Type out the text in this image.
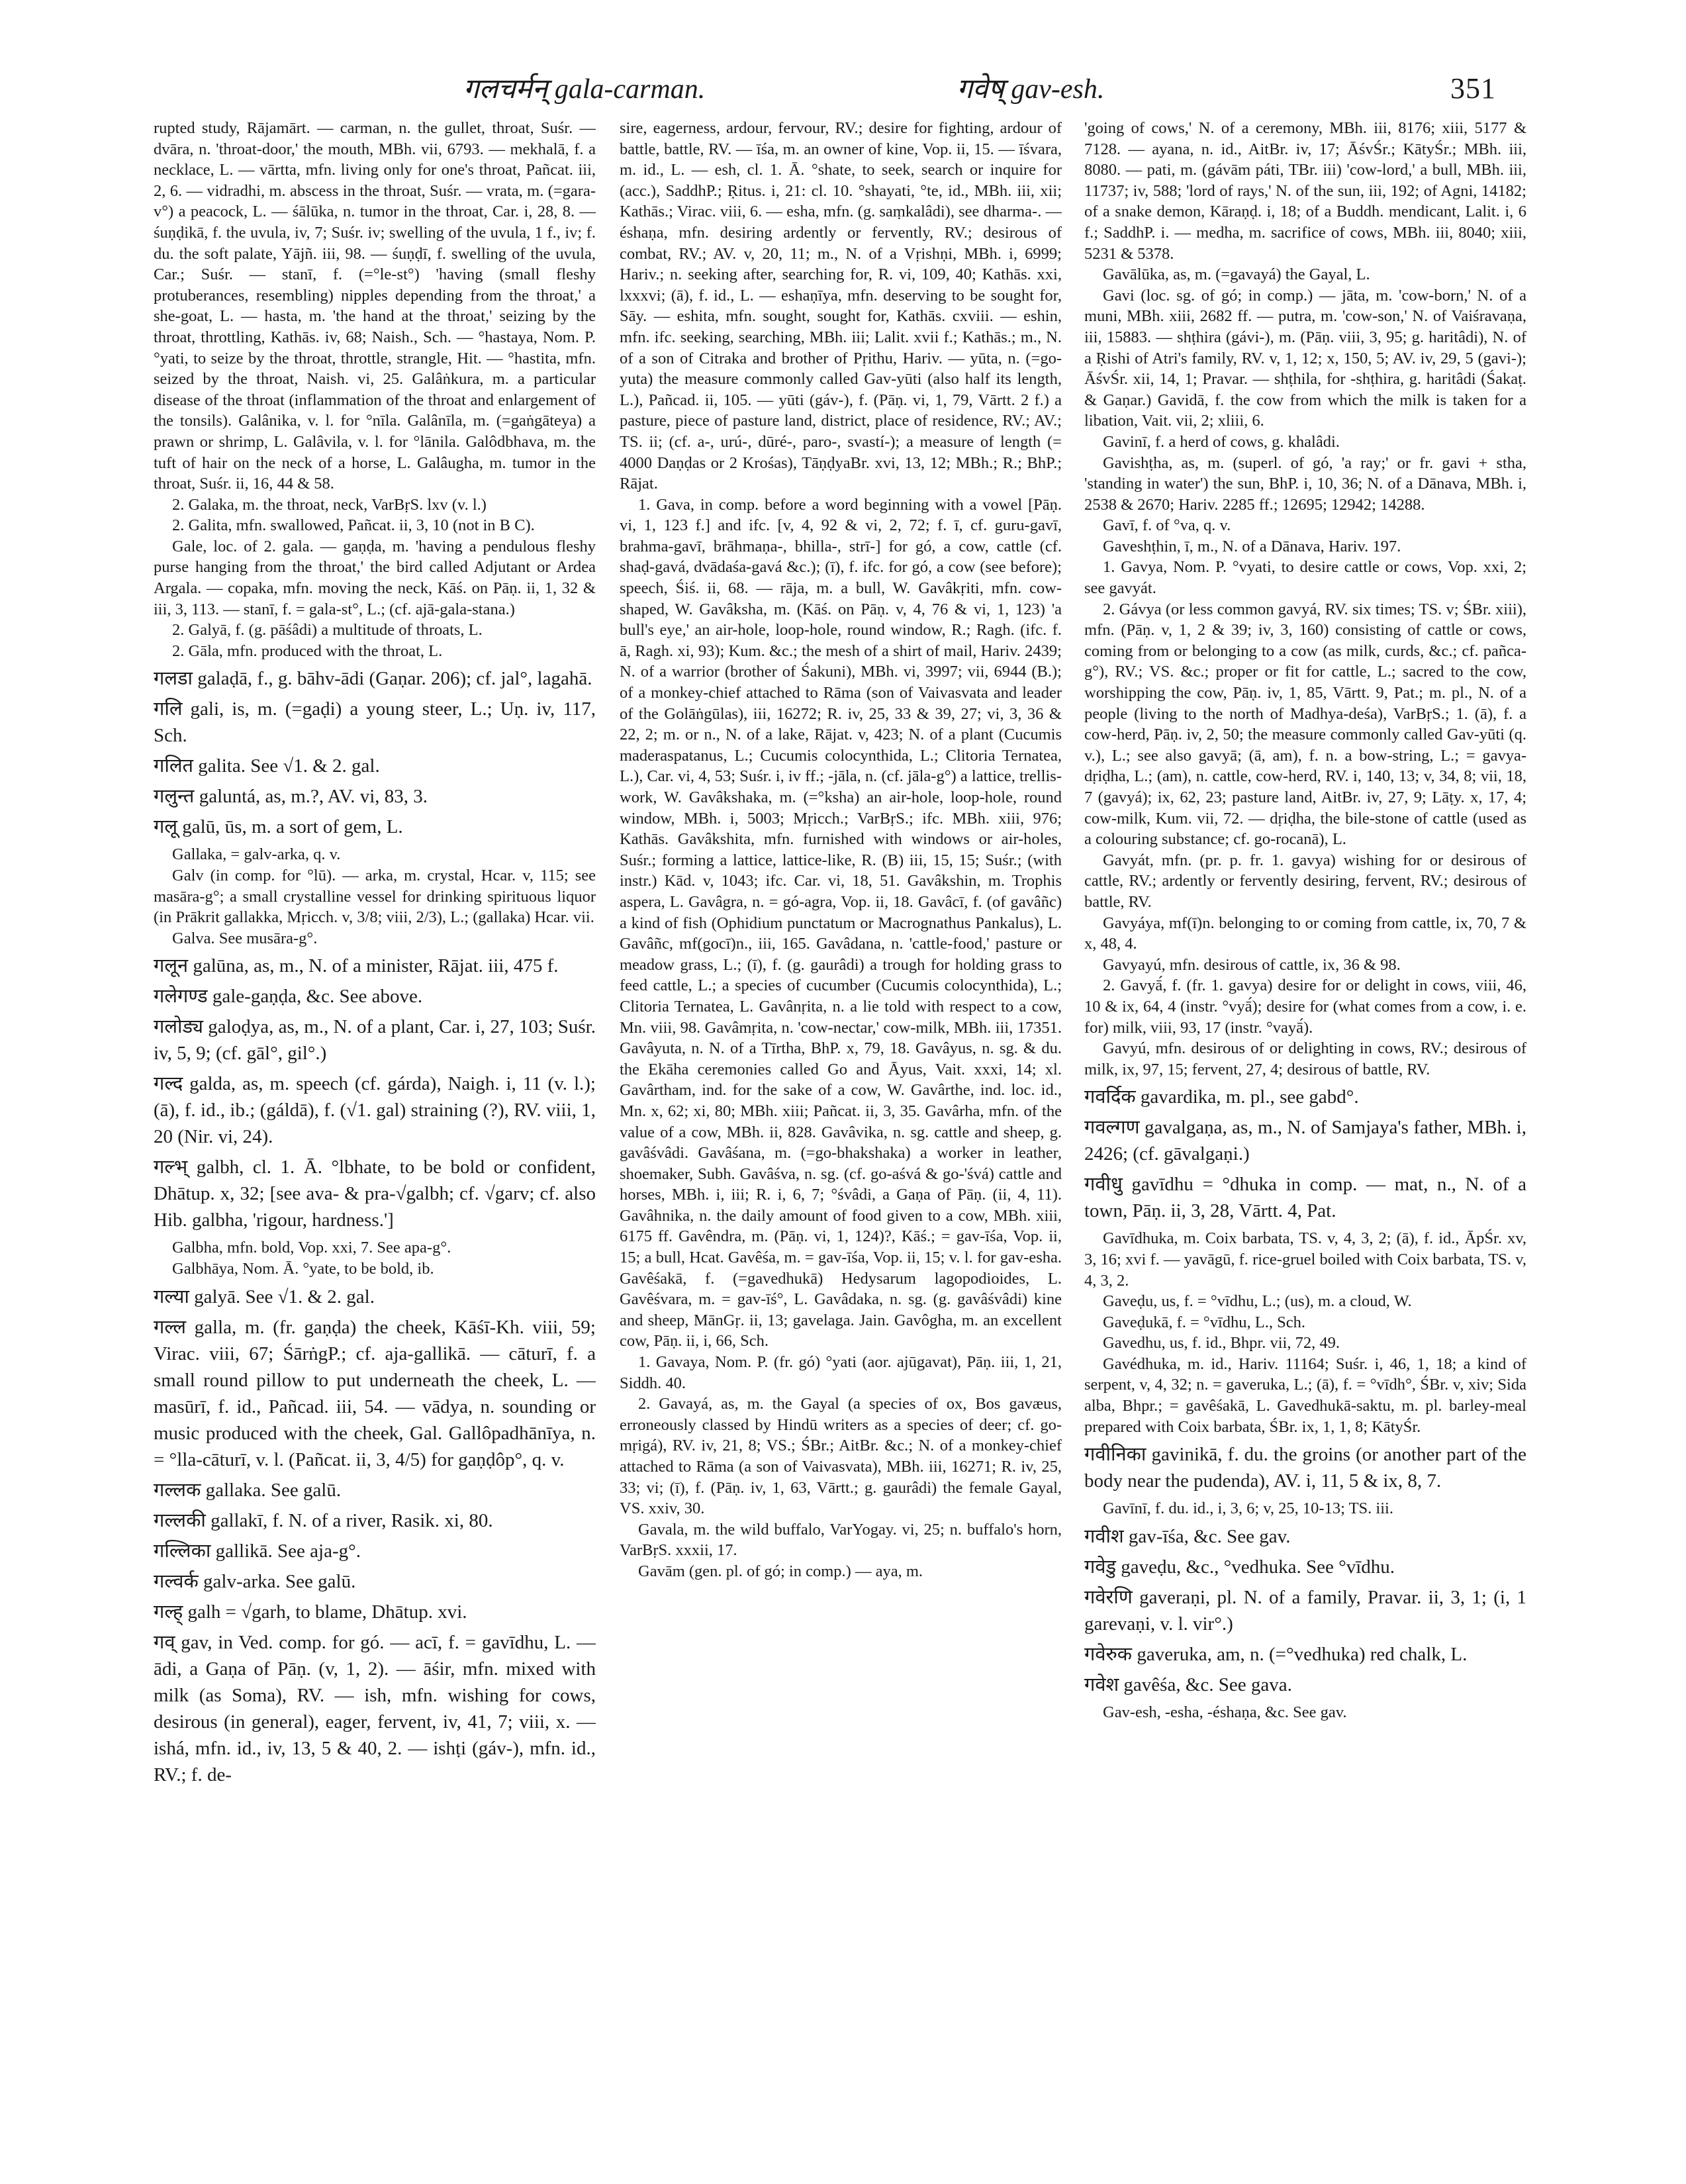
गलचर्मन् gala-carman.	गवेष् gav-esh.	351

rupted study, Rājamārt. — carman, n. the gullet, throat, Suśr. — dvāra, n. 'throat-door,' the mouth, MBh. vii, 6793. — mekhalā, f. a necklace, L. — vārtta, mfn. living only for one's throat, Pañcat. iii, 2, 6. — vidradhi, m. abscess in the throat, Suśr. — vrata, m. (=gara-v°) a peacock, L. — śālūka, n. tumor in the throat, Car. i, 28, 8. — śuṇḍikā, f. the uvula, iv, 7; Suśr. iv; swelling of the uvula, 1 f., iv; f. du. the soft palate, Yājñ. iii, 98. — śuṇḍī, f. swelling of the uvula, Car.; Suśr. — stanī, f. (=°le-st°) 'having (small fleshy protuberances, resembling) nipples depending from the throat,' a she-goat, L. — hasta, m. 'the hand at the throat,' seizing by the throat, throttling, Kathās. iv, 68; Naish., Sch. — °hastaya, Nom. P. °yati, to seize by the throat, throttle, strangle, Hit. — °hastita, mfn. seized by the throat, Naish. vi, 25. Galâṅkura, m. a particular disease of the throat (inflammation of the throat and enlargement of the tonsils). Galânika, v. l. for °nīla. Galânīla, m. (=gaṅgāteya) a prawn or shrimp, L. Galâvila, v. l. for °lānila. Galôdbhava, m. the tuft of hair on the neck of a horse, L. Galâugha, m. tumor in the throat, Suśr. ii, 16, 44 & 58.

2. Galaka, m. the throat, neck, VarBṛS. lxv (v. l.)

2. Galita, mfn. swallowed, Pañcat. ii, 3, 10 (not in B C).

Gale, loc. of 2. gala. — gaṇḍa, m. 'having a pendulous fleshy purse hanging from the throat,' the bird called Adjutant or Ardea Argala. — copaka, mfn. moving the neck, Kāś. on Pāṇ. ii, 1, 32 & iii, 3, 113. — stanī, f. = gala-st°, L.; (cf. ajā-gala-stana.)

2. Galyā, f. (g. pāśâdi) a multitude of throats, L.

2. Gāla, mfn. produced with the throat, L.

गलडा galaḍā, f., g. bāhv-ādi (Gaṇar. 206); cf. jal°, lagahā.

गलि gali, is, m. (=gaḍi) a young steer, L.; Uṇ. iv, 117, Sch.

गलित galita. See √1. & 2. gal.

गलुन्त galuntá, as, m.?, AV. vi, 83, 3.

गलू galū, ūs, m. a sort of gem, L.

Gallaka, = galv-arka, q. v.

Galv (in comp. for °lū). — arka, m. crystal, Hcar. v, 115; see masāra-g°; a small crystalline vessel for drinking spirituous liquor (in Prākrit gallakka, Mṛicch. v, 3/8; viii, 2/3), L.; (gallaka) Hcar. vii.

Galva. See musāra-g°.

गलून galūna, as, m., N. of a minister, Rājat. iii, 475 f.

गलेगण्ड gale-gaṇḍa, &c. See above.

गलोड्य galoḍya, as, m., N. of a plant, Car. i, 27, 103; Suśr. iv, 5, 9; (cf. gāl°, gil°.)

गल्द galda, as, m. speech (cf. gárda), Naigh. i, 11 (v. l.); (ā), f. id., ib.; (gáldā), f. (√1. gal) straining (?), RV. viii, 1, 20 (Nir. vi, 24).

गल्भ् galbh, cl. 1. Ā. °lbhate, to be bold or confident, Dhātup. x, 32; [see ava- & pra-√galbh; cf. √garv; cf. also Hib. galbha, 'rigour, hardness.']

Galbha, mfn. bold, Vop. xxi, 7. See apa-g°.

Galbhāya, Nom. Ā. °yate, to be bold, ib.

गल्या galyā. See √1. & 2. gal.

गल्ल galla, m. (fr. gaṇḍa) the cheek, Kāśī-Kh. viii, 59; Virac. viii, 67; ŚārṅgP.; cf. aja-gallikā. — cāturī, f. a small round pillow to put underneath the cheek, L. — masūrī, f. id., Pañcad. iii, 54. — vādya, n. sounding or music produced with the cheek, Gal. Gallôpadhānīya, n. = °lla-cāturī, v. l. (Pañcat. ii, 3, 4/5) for gaṇḍôp°, q. v.

गल्लक gallaka. See galū.

गल्लकी gallakī, f. N. of a river, Rasik. xi, 80.

गल्लिका gallikā. See aja-g°.

गल्वर्क galv-arka. See galū.

गल्ह् galh = √garh, to blame, Dhātup. xvi.

गव् gav, in Ved. comp. for gó. — acī, f. = gavīdhu, L. — ādi, a Gaṇa of Pāṇ. (v, 1, 2). — āśir, mfn. mixed with milk (as Soma), RV. — ish, mfn. wishing for cows, desirous (in general), eager, fervent, iv, 41, 7; viii, x. — ishá, mfn. id., iv, 13, 5 & 40, 2. — ishṭi (gáv-), mfn. id., RV.; f. de-

sire, eagerness, ardour, fervour, RV.; desire for fighting, ardour of battle, battle, RV. — īśa, m. an owner of kine, Vop. ii, 15. — īśvara, m. id., L. — esh, cl. 1. Ā. °shate, to seek, search or inquire for (acc.), SaddhP.; Ṛitus. i, 21: cl. 10. °shayati, °te, id., MBh. iii, xii; Kathās.; Virac. viii, 6. — esha, mfn. (g. saṃkalâdi), see dharma-. — éshaṇa, mfn. desiring ardently or fervently, RV.; desirous of combat, RV.; AV. v, 20, 11; m., N. of a Vṛishṇi, MBh. i, 6999; Hariv.; n. seeking after, searching for, R. vi, 109, 40; Kathās. xxi, lxxxvi; (ā), f. id., L. — eshaṇīya, mfn. deserving to be sought for, Sāy. — eshita, mfn. sought, sought for, Kathās. cxviii. — eshin, mfn. ifc. seeking, searching, MBh. iii; Lalit. xvii f.; Kathās.; m., N. of a son of Citraka and brother of Pṛithu, Hariv. — yūta, n. (=go-yuta) the measure commonly called Gav-yūti (also half its length, L.), Pañcad. ii, 105. — yūti (gáv-), f. (Pāṇ. vi, 1, 79, Vārtt. 2 f.) a pasture, piece of pasture land, district, place of residence, RV.; AV.; TS. ii; (cf. a-, urú-, dūré-, paro-, svastí-); a measure of length (= 4000 Daṇḍas or 2 Krośas), TāṇḍyaBr. xvi, 13, 12; MBh.; R.; BhP.; Rājat.

1. Gava, in comp. before a word beginning with a vowel [Pāṇ. vi, 1, 123 f.] and ifc. [v, 4, 92 & vi, 2, 72; f. ī, cf. guru-gavī, brahma-gavī, brāhmaṇa-, bhilla-, strī-] for gó, a cow, cattle (cf. shaḍ-gavá, dvādaśa-gavá &c.); (ī), f. ifc. for gó, a cow (see before); speech, Śiś. ii, 68. — rāja, m. a bull, W. Gavâkṛiti, mfn. cow-shaped, W. Gavâksha, m. (Kāś. on Pāṇ. v, 4, 76 & vi, 1, 123) 'a bull's eye,' an air-hole, loop-hole, round window, R.; Ragh. (ifc. f. ā, Ragh. xi, 93); Kum. &c.; the mesh of a shirt of mail, Hariv. 2439; N. of a warrior (brother of Śakuni), MBh. vi, 3997; vii, 6944 (B.); of a monkey-chief attached to Rāma (son of Vaivasvata and leader of the Golāṅgūlas), iii, 16272; R. iv, 25, 33 & 39, 27; vi, 3, 36 & 22, 2; m. or n., N. of a lake, Rājat. v, 423; N. of a plant (Cucumis maderaspatanus, L.; Cucumis colocynthida, L.; Clitoria Ternatea, L.), Car. vi, 4, 53; Suśr. i, iv ff.; -jāla, n. (cf. jāla-g°) a lattice, trellis-work, W. Gavâkshaka, m. (=°ksha) an air-hole, loop-hole, round window, MBh. i, 5003; Mṛicch.; VarBṛS.; ifc. MBh. xiii, 976; Kathās. Gavâkshita, mfn. furnished with windows or air-holes, Suśr.; forming a lattice, lattice-like, R. (B) iii, 15, 15; Suśr.; (with instr.) Kād. v, 1043; ifc. Car. vi, 18, 51. Gavâkshin, m. Trophis aspera, L. Gavâgra, n. = gó-agra, Vop. ii, 18. Gavâcī, f. (of gavâñc) a kind of fish (Ophidium punctatum or Macrognathus Pankalus), L. Gavâñc, mf(gocī)n., iii, 165. Gavâdana, n. 'cattle-food,' pasture or meadow grass, L.; (ī), f. (g. gaurâdi) a trough for holding grass to feed cattle, L.; a species of cucumber (Cucumis colocynthida), L.; Clitoria Ternatea, L. Gavânṛita, n. a lie told with respect to a cow, Mn. viii, 98. Gavâmṛita, n. 'cow-nectar,' cow-milk, MBh. iii, 17351. Gavâyuta, n. N. of a Tīrtha, BhP. x, 79, 18. Gavâyus, n. sg. & du. the Ekāha ceremonies called Go and Āyus, Vait. xxxi, 14; xl. Gavârtham, ind. for the sake of a cow, W. Gavârthe, ind. loc. id., Mn. x, 62; xi, 80; MBh. xiii; Pañcat. ii, 3, 35. Gavârha, mfn. of the value of a cow, MBh. ii, 828. Gavâvika, n. sg. cattle and sheep, g. gavâśvâdi. Gavâśana, m. (=go-bhakshaka) a worker in leather, shoemaker, Subh. Gavâśva, n. sg. (cf. go-aśvá & go-'śvá) cattle and horses, MBh. i, iii; R. i, 6, 7; °śvâdi, a Gaṇa of Pāṇ. (ii, 4, 11). Gavâhnika, n. the daily amount of food given to a cow, MBh. xiii, 6175 ff. Gavêndra, m. (Pāṇ. vi, 1, 124)?, Kāś.; = gav-īśa, Vop. ii, 15; a bull, Hcat. Gavêśa, m. = gav-īśa, Vop. ii, 15; v. l. for gav-esha. Gavêśakā, f. (=gavedhukā) Hedysarum lagopodioides, L. Gavêśvara, m. = gav-īś°, L. Gavâdaka, n. sg. (g. gavâśvâdi) kine and sheep, MānGṛ. ii, 13; gavelaga. Jain. Gavôgha, m. an excellent cow, Pāṇ. ii, i, 66, Sch.

1. Gavaya, Nom. P. (fr. gó) °yati (aor. ajūgavat), Pāṇ. iii, 1, 21, Siddh. 40.

2. Gavayá, as, m. the Gayal (a species of ox, Bos gavæus, erroneously classed by Hindū writers as a species of deer; cf. go-mṛigá), RV. iv, 21, 8; VS.; ŚBr.; AitBr. &c.; N. of a monkey-chief attached to Rāma (a son of Vaivasvata), MBh. iii, 16271; R. iv, 25, 33; vi; (ī), f. (Pāṇ. iv, 1, 63, Vārtt.; g. gaurâdi) the female Gayal, VS. xxiv, 30.

Gavala, m. the wild buffalo, VarYogay. vi, 25; n. buffalo's horn, VarBṛS. xxxii, 17.

Gavām (gen. pl. of gó; in comp.) — aya, m.

'going of cows,' N. of a ceremony, MBh. iii, 8176; xiii, 5177 & 7128. — ayana, n. id., AitBr. iv, 17; ĀśvŚr.; KātyŚr.; MBh. iii, 8080. — pati, m. (gávām páti, TBr. iii) 'cow-lord,' a bull, MBh. iii, 11737; iv, 588; 'lord of rays,' N. of the sun, iii, 192; of Agni, 14182; of a snake demon, Kāraṇḍ. i, 18; of a Buddh. mendicant, Lalit. i, 6 f.; SaddhP. i. — medha, m. sacrifice of cows, MBh. iii, 8040; xiii, 5231 & 5378.

Gavālūka, as, m. (=gavayá) the Gayal, L.

Gavi (loc. sg. of gó; in comp.) — jāta, m. 'cow-born,' N. of a muni, MBh. xiii, 2682 ff. — putra, m. 'cow-son,' N. of Vaiśravaṇa, iii, 15883. — shṭhira (gávi-), m. (Pāṇ. viii, 3, 95; g. haritâdi), N. of a Ṛishi of Atri's family, RV. v, 1, 12; x, 150, 5; AV. iv, 29, 5 (gavi-); ĀśvŚr. xii, 14, 1; Pravar. — shṭhila, for -shṭhira, g. haritâdi (Śakaṭ. & Gaṇar.) Gavidā, f. the cow from which the milk is taken for a libation, Vait. vii, 2; xliii, 6.

Gavinī, f. a herd of cows, g. khalâdi.

Gavishṭha, as, m. (superl. of gó, 'a ray;' or fr. gavi + stha, 'standing in water') the sun, BhP. i, 10, 36; N. of a Dānava, MBh. i, 2538 & 2670; Hariv. 2285 ff.; 12695; 12942; 14288.

Gavī, f. of °va, q. v.

Gaveshṭhin, ī, m., N. of a Dānava, Hariv. 197.

1. Gavya, Nom. P. °vyati, to desire cattle or cows, Vop. xxi, 2; see gavyát.

2. Gávya (or less common gavyá, RV. six times; TS. v; ŚBr. xiii), mfn. (Pāṇ. v, 1, 2 & 39; iv, 3, 160) consisting of cattle or cows, coming from or belonging to a cow (as milk, curds, &c.; cf. pañca-g°), RV.; VS. &c.; proper or fit for cattle, L.; sacred to the cow, worshipping the cow, Pāṇ. iv, 1, 85, Vārtt. 9, Pat.; m. pl., N. of a people (living to the north of Madhya-deśa), VarBṛS.; 1. (ā), f. a cow-herd, Pāṇ. iv, 2, 50; the measure commonly called Gav-yūti (q. v.), L.; see also gavyā; (ā, am), f. n. a bow-string, L.; = gavya-dṛiḍha, L.; (am), n. cattle, cow-herd, RV. i, 140, 13; v, 34, 8; vii, 18, 7 (gavyá); ix, 62, 23; pasture land, AitBr. iv, 27, 9; Lāṭy. x, 17, 4; cow-milk, Kum. vii, 72. — dṛiḍha, the bile-stone of cattle (used as a colouring substance; cf. go-rocanā), L.

Gavyát, mfn. (pr. p. fr. 1. gavya) wishing for or desirous of cattle, RV.; ardently or fervently desiring, fervent, RV.; desirous of battle, RV.

Gavyáya, mf(ī)n. belonging to or coming from cattle, ix, 70, 7 & x, 48, 4.

Gavyayú, mfn. desirous of cattle, ix, 36 & 98.

2. Gavyā́, f. (fr. 1. gavya) desire for or delight in cows, viii, 46, 10 & ix, 64, 4 (instr. °vyā́); desire for (what comes from a cow, i. e. for) milk, viii, 93, 17 (instr. °vayā́).

Gavyú, mfn. desirous of or delighting in cows, RV.; desirous of milk, ix, 97, 15; fervent, 27, 4; desirous of battle, RV.

गवर्दिक gavardika, m. pl., see gabd°.

गवल्गण gavalgaṇa, as, m., N. of Samjaya's father, MBh. i, 2426; (cf. gāvalgaṇi.)

गवीधु gavīdhu = °dhuka in comp. — mat, n., N. of a town, Pāṇ. ii, 3, 28, Vārtt. 4, Pat.

Gavīdhuka, m. Coix barbata, TS. v, 4, 3, 2; (ā), f. id., ĀpŚr. xv, 3, 16; xvi f. — yavāgū, f. rice-gruel boiled with Coix barbata, TS. v, 4, 3, 2.

Gaveḍu, us, f. = °vīdhu, L.; (us), m. a cloud, W.

Gaveḍukā, f. = °vīdhu, L., Sch.

Gavedhu, us, f. id., Bhpr. vii, 72, 49.

Gavédhuka, m. id., Hariv. 11164; Suśr. i, 46, 1, 18; a kind of serpent, v, 4, 32; n. = gaveruka, L.; (ā), f. = °vīdh°, ŚBr. v, xiv; Sida alba, Bhpr.; = gavêśakā, L. Gavedhukā-saktu, m. pl. barley-meal prepared with Coix barbata, ŚBr. ix, 1, 1, 8; KātyŚr.

गवीनिका gavinikā, f. du. the groins (or another part of the body near the pudenda), AV. i, 11, 5 & ix, 8, 7.

Gavīnī, f. du. id., i, 3, 6; v, 25, 10-13; TS. iii.

गवीश gav-īśa, &c. See gav.

गवेडु gaveḍu, &c., °vedhuka. See °vīdhu.

गवेरणि gaveraṇi, pl. N. of a family, Pravar. ii, 3, 1; (i, 1 garevaṇi, v. l. vir°.)

गवेरुक gaveruka, am, n. (=°vedhuka) red chalk, L.

गवेश gavêśa, &c. See gava.

Gav-esh, -esha, -éshaṇa, &c. See gav.
